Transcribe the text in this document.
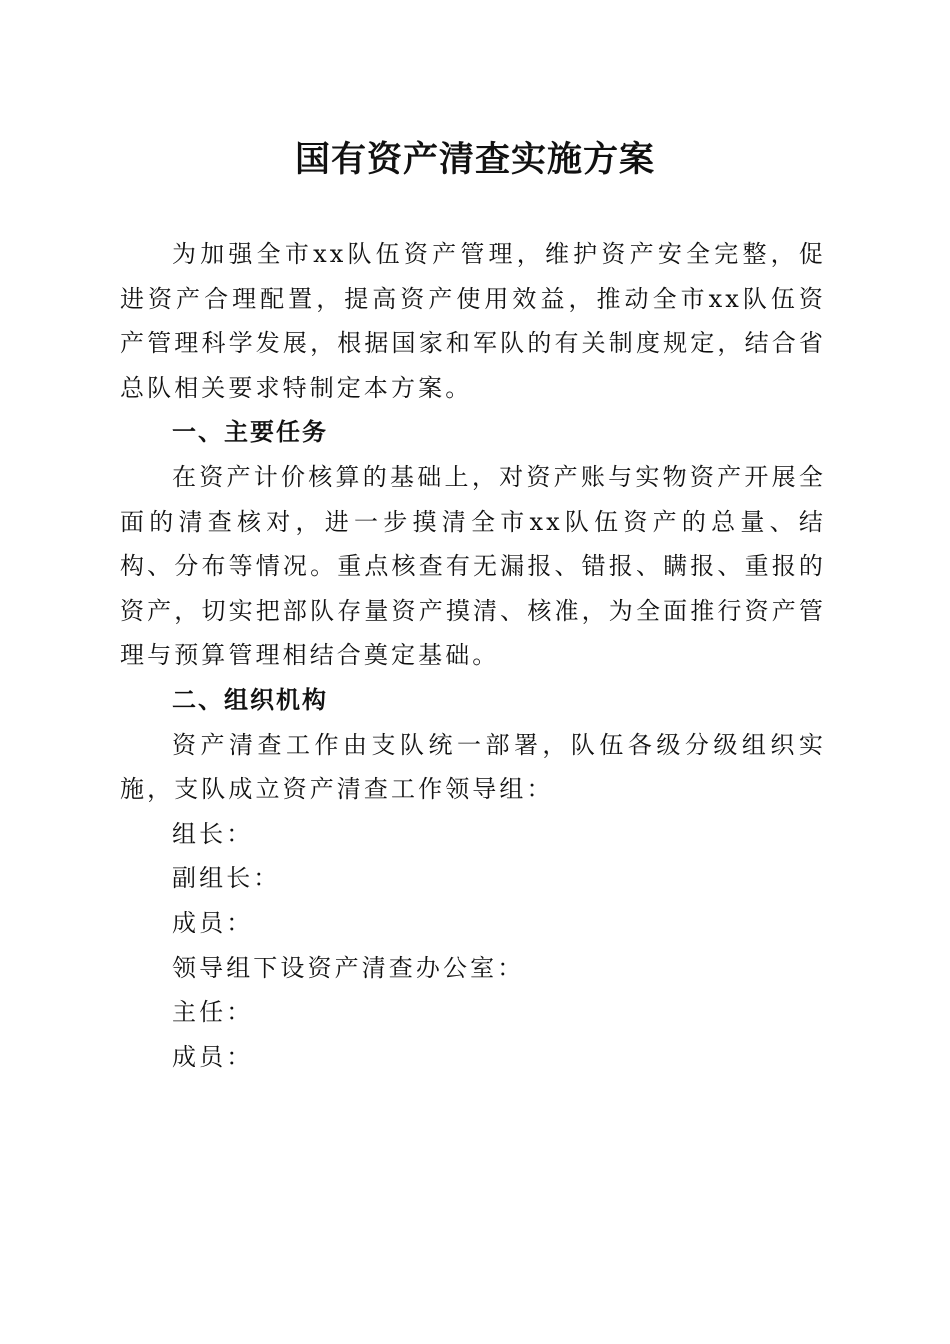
国有资产清查实施方案

为加强全市xx队伍资产管理，维护资产安全完整，促进资产合理配置，提高资产使用效益，推动全市xx队伍资产管理科学发展，根据国家和军队的有关制度规定，结合省总队相关要求特制定本方案。

一、主要任务

在资产计价核算的基础上，对资产账与实物资产开展全面的清查核对，进一步摸清全市xx队伍资产的总量、结构、分布等情况。重点核查有无漏报、错报、瞒报、重报的资产，切实把部队存量资产摸清、核准，为全面推行资产管理与预算管理相结合奠定基础。

二、组织机构

资产清查工作由支队统一部署，队伍各级分级组织实施，支队成立资产清查工作领导组：

组长：

副组长：

成员：

领导组下设资产清查办公室：

主任：

成员：
